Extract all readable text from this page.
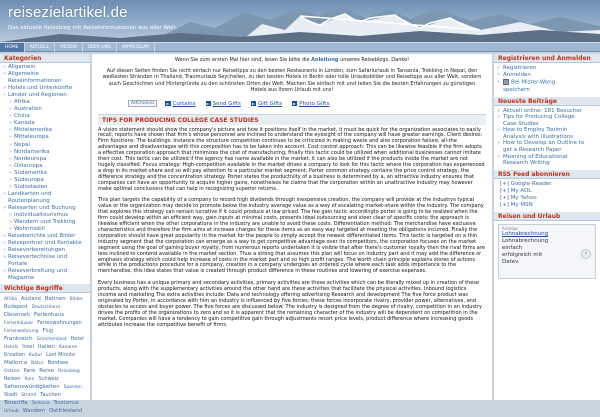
reisezielartikel.de
Das aktuelle Reiseblog mit Reiseinformationen aus aller Welt.
HOME	AKTUELL	REISEN	ÜBER UNS	IMPRESSUM
Kategorien
» Allgemein
» Allgemeine
Reiseinformationen
» Hotels und Unterkünfte
» Länder und Regionen
» Afrika
» Australien
» China
» Kanada
» Mittelamerika
» Mitteleuropa
» Nepal
» Nordamerika
» Nordeuropa
» Osteuropa
» Südamerika
» Südeuropa
» Südostasien
» Landkarten und
Routenplanung
» Reisearten und Buchung
» Individualtourismus
» Wandern und Trekking
» Wohnmobil
» Reiseberichte und Bilder
» Reiseportner und Kontakte
» Reisevorbereitungen
» Reisevertechnise und
Portale
» Reiseverbreitung und
Magazine
Wichtige Begriffe
Afrika Ausland Bahnen Bilder Budapest Deutschland Dänemark Ferienhaus Ferienhäuser Ferienwohnungen Ferienwohnung Flug Frankreich Griechenland Hotel Hotels Insel Italien Kanaren Kroatien Kultur Last Minute Mallorca Natur Nordsee Ostsee Paris Reise Reiseblog Reisen Rom Schweiz Sehenswürdigkeiten Spanien Stadt Strand Tauchen Teneriffa Toskana Tourismus Urlaub Wandern Ostfriesland
Wenn Sie zum ersten Mal hier sind, lesen Sie bitte die Anleitung unseres Reiseblogs. Danke!
Auf diesen Seiten finden Sie nicht einfach nur Reisetipps zu den besten Restaurants in London, zum Safariurlaub in Tansania, Trekking in Nepal, den weißesten Stränden in Thailand, Traumurlaub Seychellen, zu den besten Hotels in Berlin oder tolle Urlaubsbilder und Reisetipps aus aller Welt, sondern auch Geschichten und Hintergründe zu den schönsten Orten der Welt. Machen Sie einfach mit und teilen Sie die besten Erfahrungen zu günstigen Hotels aus Ihrem Urlaub mit uns!
AdChoices	► Curtains	► Send Gifts	► Gift Gifts	► Photo Gifts
TIPS FOR PRODUCING COLLEGE CASE STUDIES

A vision statement should show the company's picture and how it positions itself in the market, it must be quick for the organization associates to easily recall, reports have shown that firm's whose personnel are inclined to understand the eyesight of the company will have greater earnings. Client desires: Firm functions: The buildings: Instance the structure competition continues to be criticized in making waste and also corporation failure, all-the advantages and disadvantages with this composition has to be taken into account. Cost control approach: This can be likewise feasible if the firm adopts a effective corporation approach that minimizes the cost of manufacturing, finally this tactic could be utilized when additional businesses cannot imitate their cost. This tactic can be utilized if the agency has name available in the market, it can also be utilized if the products inside the market are not hugely classified. Focus strategy: High-competition available in the market drives a company to look for this tactic where the corporation has experienced a drop in its market-share and so will pay attention to a particular market segment. Porter common strategy contains the price control strategy, the difference strategy and the concentration strategy. Porter states the productivity of a business is determined by a, an attractive industry ensures that companies can have an opportunity to acquire higher gains, nonetheless he claims that the corporation within an unattractive industry may however make optimal conclusions that can help in recognizing superior returns.

This plan targets the capability of a company to record high dividends through inexpensive creation, the company will provide at the industrys typical value or the organization may decide to promote below the industry average value as a way of escalating market-share within the industry. The company that explores this strategy can remain lucrative if it could produce at low priced. The fee gain tactic accordingto porter is going to be realized when the firm could develop within an efficient way, gain inputs at minimal costs, presents ideal outsourcing and steer clear of specific costs; the approach is likewise efficient when the other corporations in the industry are unable to avoid these costs. Differentiation method: The merchandise have exclusive characteristics and therefore the firm aims at increase charges for these items as an easy way targeted at meeting the obligations incurred. Finally the corporation should have great popularity in the market for the people to simply accept the newest differentiated items. This tactic is targeted on a thin industry segment that the corporation can emerge as a way to get competitive advantage over its competitors, the corporation focuses on the market segment using the goal of gaining buyer royalty, from numerous reports undertaken it is visible that after there's customer royalty then the rival firms are less inclined to contend available in the market section. Thus a strong that assumes this plan will focus on industry part and it may add the difference or emphasis strategy which could help increase of costs in the market part and so high profit ranges. The worth chain principle explains stores of actions while in the productions procedure for a company, creation in a company undergoes an ordered cycle where each task adds importance to the merchandise, this idea states that value is created through product difference in these routines and lowering of exercise expenses.

Every business has a unique primary and secondary activities, primary activities are these activities which can be literally mixed up in creation of these products, along with the supplementary activities around the other hand are these activities that facilitate the physical activities. Inbound logistics income and marketing The extra activities include: Data and technology offering advertising Research and development The five force product was originated by Porter, in accordance with him an industry is influenced by five forces; these forces incorporate rivalry, provider power, alternatives, and obstacles to access and buyer power. The five forces are discussed below: The industry is designed from the degree of rivalry, competition in an industry drives the profits of the organizations to zero and so it is apparent that the remaining character of the industry will be dependent on competition in the market. Companies will have a tendency to gain competitive gain through adjustments resort price levels, product difference where increasing goods attributes increase the competitive benefit of firms.

Registrieren und Anmelden
» Registrieren
» Anmelden
» Bei Mister-Wong
speichern
Neueste Beiträge
» Aktuell online: 181 Besucher
» Tips for Producing College
Case Studies
» How to Employ Toulmin
Analysis with Illustrations
» How to Develop an Outline to
get a Research Paper
» Meaning of Educational
Research Writing
RSS Feed abonnieren
[+] Google-Reader
[+] My AOL
[+] My Yahoo
[+] My MSN
Reisen und Urlaub
Anzeige
Lohnabrechnung
Lohnabrechnung
einfach
erfolgreich mit
Datev
›
